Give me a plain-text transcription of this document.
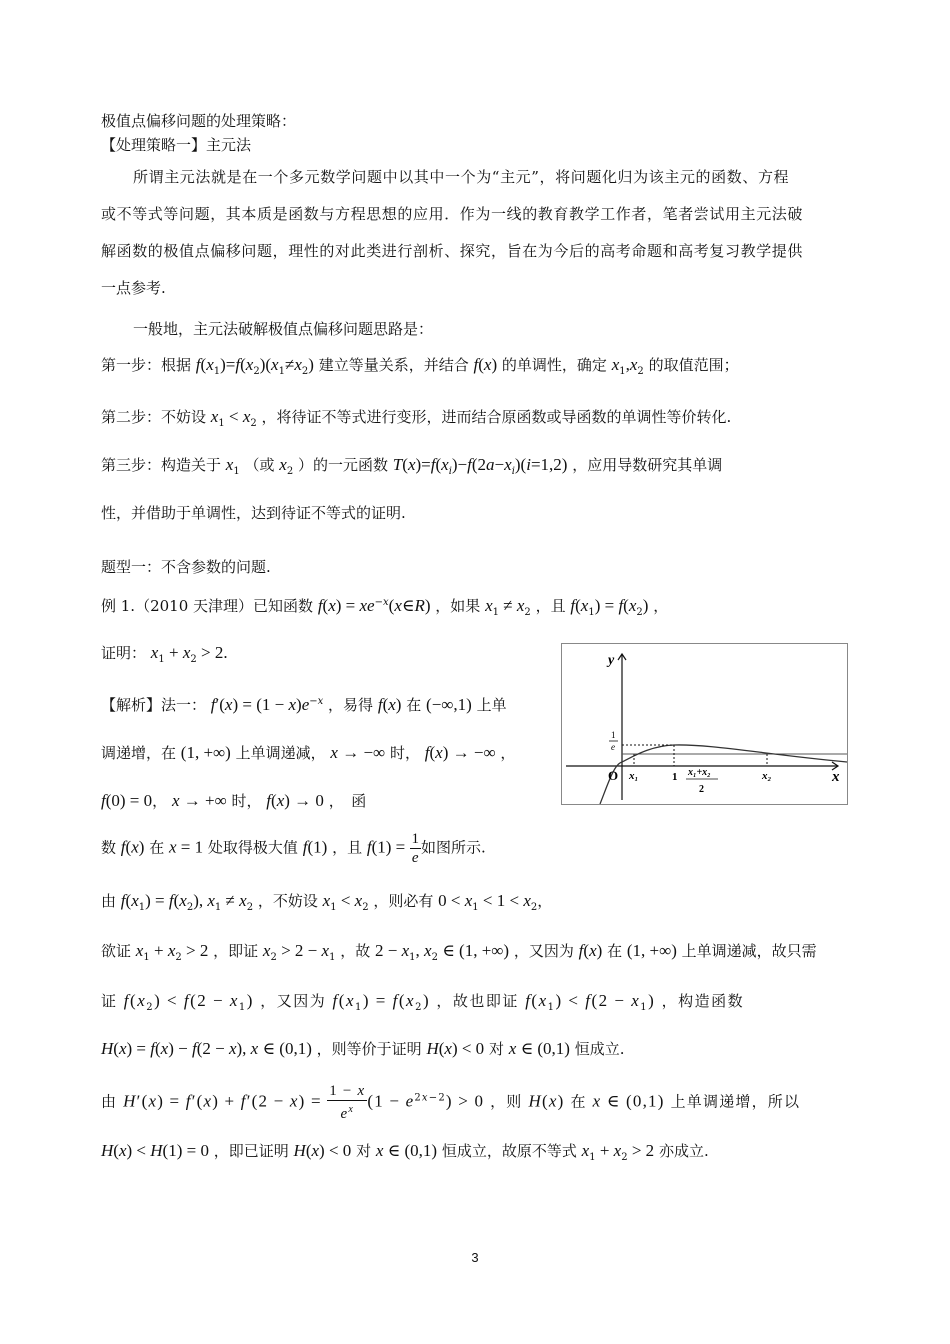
极值点偏移问题的处理策略：
【处理策略一】主元法
所谓主元法就是在一个多元数学问题中以其中一个为“主元”，将问题化归为该主元的函数、方程
或不等式等问题，其本质是函数与方程思想的应用．作为一线的教育教学工作者，笔者尝试用主元法破
解函数的极值点偏移问题，理性的对此类进行剖析、探究，旨在为今后的高考命题和高考复习教学提供
一点参考.
一般地，主元法破解极值点偏移问题思路是：
第一步：根据 $f(x_1)=f(x_2)(x_1\ne x_2)$ 建立等量关系，并结合 f(x) 的单调性，确定 $x_1,x_2$ 的取值范围；
第二步：不妨设 $x_1 < x_2$ ，将待证不等式进行变形，进而结合原函数或导函数的单调性等价转化.
第三步：构造关于 $x_1$ （或 $x_2$ ）的一元函数 $T(x)=f(x_i)-f(2a-x_i)(i=1,2)$ ，应用导数研究其单调
性，并借助于单调性，达到待证不等式的证明.
题型一：不含参数的问题.
例 1.（2010 天津理）已知函数 $f(x) = xe^{-x}(x\in R)$ ，如果 $x_1 \ne x_2$ ，且 $f(x_1) = f(x_2)$ ，
证明： $x_1 + x_2 > 2$.
【解析】法一： $f'(x) = (1 - x)e^{-x}$ ，易得 f(x) 在 (−∞,1) 上单
调递增，在 (1, +∞) 上单调递减， x → −∞ 时， f(x) → −∞ ，
f(0) = 0， x → +∞ 时， f(x) → 0 ，　函
数 f(x) 在 x = 1 处取得极大值 f(1) ，且 $f(1) = \frac{1}{e}$ 如图所示.
y
x
O
1
e
x₁	1 x₁+x₂
2
x₂
由 $f(x_1) = f(x_2)$, $x_1 \ne x_2$ ，不妨设 $x_1 < x_2$ ，则必有 $0 < x_1 < 1 < x_2$，
欲证 $x_1 + x_2 > 2$ ，即证 $x_2 > 2 - x_1$ ，故 $2 - x_1$, $x_2$ ∈ (1, +∞) ，又因为 f(x) 在 (1, +∞) 上单调递减，故只需
证 $f(x_2) < f(2 - x_1)$ ，又因为 $f(x_1) = f(x_2)$ ，故也即证 $f(x_1) < f(2 - x_1)$ ，构造函数
H(x) = f(x) − f(2 − x), x ∈ (0,1) ，则等价于证明 H(x) < 0 对 x ∈ (0,1) 恒成立.
由 $H'(x) = f'(x) + f'(2 - x) = \frac{1 - x}{e^x} (1 - e^{2x-2}) > 0$ ，则 H(x) 在 x ∈ (0,1) 上单调递增，所以
H(x) < H(1) = 0 ，即已证明 H(x) < 0 对 x ∈ (0,1) 恒成立，故原不等式 $x_1 + x_2 > 2$ 亦成立.
3
